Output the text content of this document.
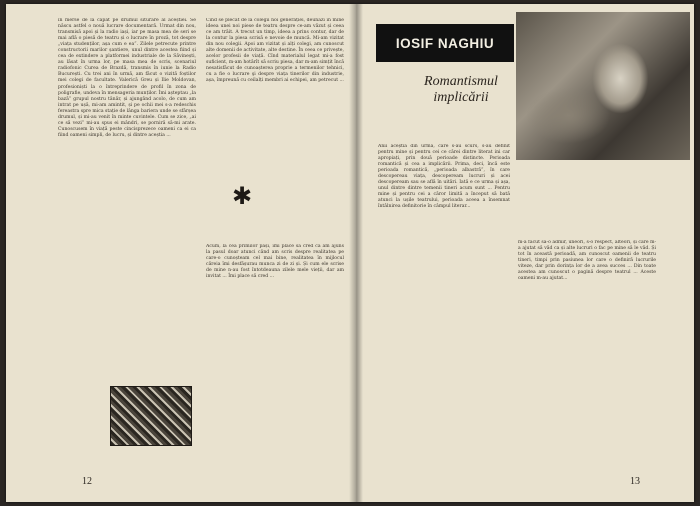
în merse de la capăt pe drumul siturare al aceștiei. Se născu astfel o nouă lucrare documentară. Urmat din nou, transmisă apoi și la radio iași, iar pe masa mea de seri se mai află o piesă de teatru și o lucrare în proză, tot despre „viața studenților, așa cum e ea”. Zilele petrecute printre constructorii marilor șantiere, unul dintre acestea fiind și cea de extindere a platformei industriale de la Săvinești, au lăsat în urma lor, pe masa mea de scris, scenariul radiofonic Curea de Brazdă, transmis în iunie la Radio București. Cu trei ani în urmă, am făcut o vizită foștilor mei colegi de facultate. Valerică Greu și Ilie Moldovan, profesioniști la o întreprindere de profil în zona de poligrafie, undeva în mensageria munților. Îmi așteptau „la bază” grupul nostru tânăr, și ajungând acolo, de cum am intrat pe ușă, mi-am amintit, și pe ochii mei s-a redeschis fereastra spre mica stație de lânga bariera unde se sfârșea drumul, și mi-au venit în minte cuvintele. Cum se zice, „ai ce să vezi” mi-au spus ei mândri, se porniră să-mi arate. Cunoscusem în viață peste cincisprezece oameni ca ei ca fiind oameni simpli, de lucru, și dintre aceștia ...
✱
Cind se plecat de la colegii noi generației, deunăzi în mine ideea unei noi piese de teatru despre ce-am văzut și ceea ce am trăit. A trecut un timp, ideea a prins contur, dar de la contur la piesa scrisă e nevoie de muncă. Mi-am vizitat din nou colegii. Apoi am vizitat și alți colegi, am cunoscut alte domenii de activitate, alte destine. În ceea ce privește, acelor profesii de viață. Cînd materialul legat mi-a fost suficient, m-am hotărît să scriu piesa, dar m-am simțit încă nesatisfăcut de cunoașterea proprie a termenilor tehnici, cu a fie o lucrare şi despre viața tinerilor din industrie, așa, împreună cu ceilalți membri ai echipei, am petrecut ...
Acum, la cea primilor pași, îmi place să cred că am ajuns la pasul doar atunci când am scris despre realitatea pe care-o cunoșteam cel mai bine, realitatea în mijlocul căreia îmi desfășurau munca zi de zi și. Și cum ele scrise de mine n-au fost întotdeauna zilele mele vieții, dar am invitat ... Îmi place să cred ...
12
IOSIF NAGHIU
Romantismul implicării
Anii aceștia din urmă, care s-au scurs, s-au definit pentru mine și pentru cei ce cărei dintre literat ini car apropiați, prin două perioade distincte. Perioada romantică și cea a implicării. Prima, deci, încă este perioada romantică, „perioada albastră”, în care descopereau viața, descopeream lucruri și acei descopeream sau se află în uitări. Iată e ce urma și așa, unul dintre dintre temenii tineri acum sunt ... Pentru mine și pentru cei a căror limită a început să bată atunci la ușile teatrului, perioada aceea a însemnat întâlnirea definitorie în câmpul literar...
m-a făcut să-o admir, uneori, s-o respect, alteori, și care m-a ajutat să văd ca și alte lucruri o fac pe mine să le văd. Și tot în această perioadă, am cunoscut oamenii de teatru tineri, timpi prin pasiunea lor care o definiră lucrurile viteze, dar prin dorința lor de a avea succes ... Din toate acestea am cunoscut o pagină despre teatrul ... Aceste oameni m-au ajutat...
13
